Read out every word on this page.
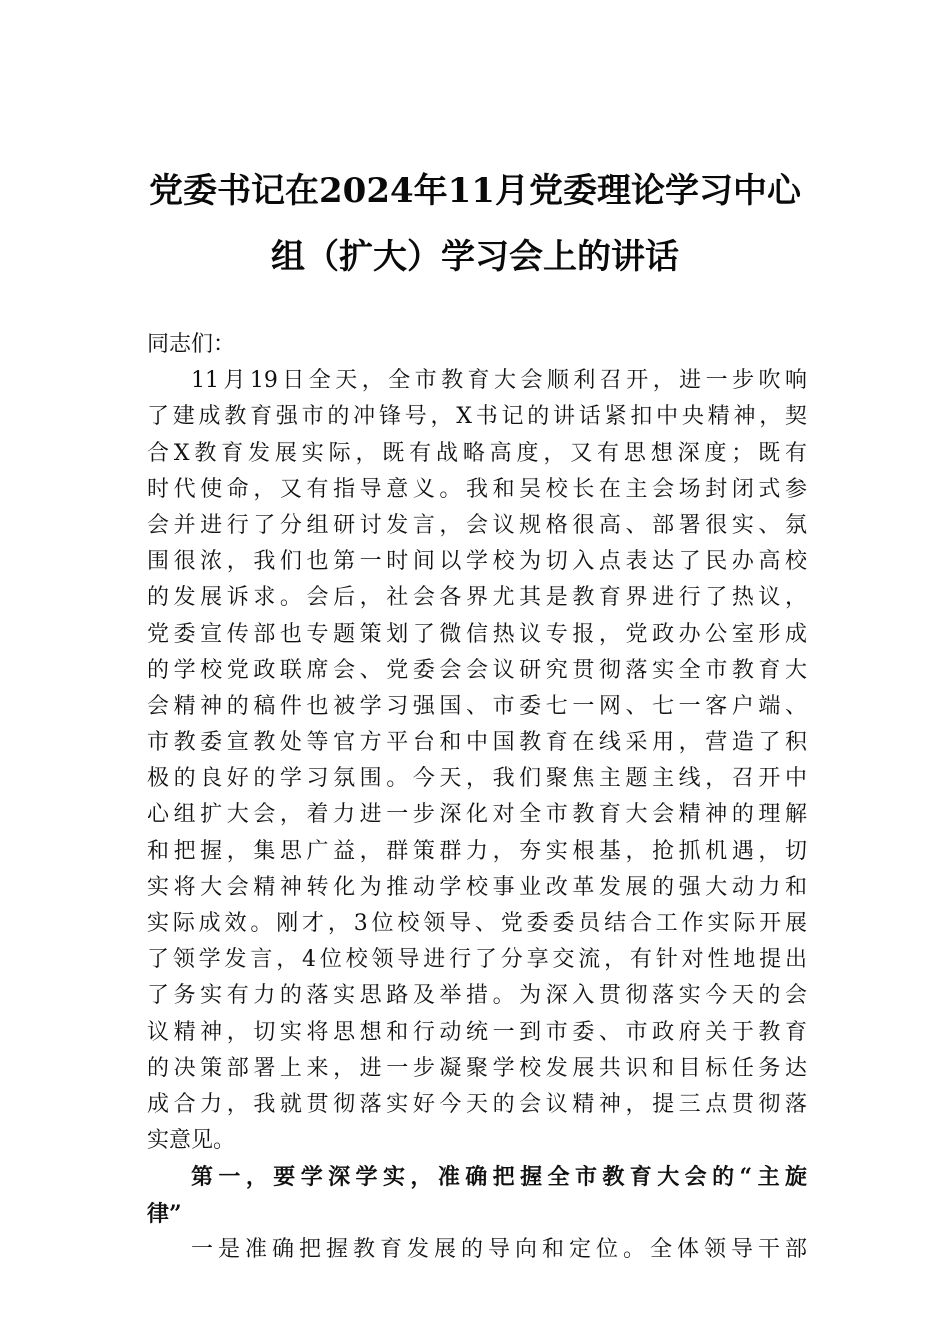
党委书记在2024年11月党委理论学习中心
组（扩大）学习会上的讲话
同志们：
11月19日全天，全市教育大会顺利召开，进一步吹响
了建成教育强市的冲锋号，X书记的讲话紧扣中央精神，契
合X教育发展实际，既有战略高度，又有思想深度；既有
时代使命，又有指导意义。我和吴校长在主会场封闭式参
会并进行了分组研讨发言，会议规格很高、部署很实、氛
围很浓，我们也第一时间以学校为切入点表达了民办高校
的发展诉求。会后，社会各界尤其是教育界进行了热议，
党委宣传部也专题策划了微信热议专报，党政办公室形成
的学校党政联席会、党委会会议研究贯彻落实全市教育大
会精神的稿件也被学习强国、市委七一网、七一客户端、
市教委宣教处等官方平台和中国教育在线采用，营造了积
极的良好的学习氛围。今天，我们聚焦主题主线，召开中
心组扩大会，着力进一步深化对全市教育大会精神的理解
和把握，集思广益，群策群力，夯实根基，抢抓机遇，切
实将大会精神转化为推动学校事业改革发展的强大动力和
实际成效。刚才，3位校领导、党委委员结合工作实际开展
了领学发言，4位校领导进行了分享交流，有针对性地提出
了务实有力的落实思路及举措。为深入贯彻落实今天的会
议精神，切实将思想和行动统一到市委、市政府关于教育
的决策部署上来，进一步凝聚学校发展共识和目标任务达
成合力，我就贯彻落实好今天的会议精神，提三点贯彻落
实意见。
第一，要学深学实，准确把握全市教育大会的“主旋
律”
一是准确把握教育发展的导向和定位。全体领导干部
